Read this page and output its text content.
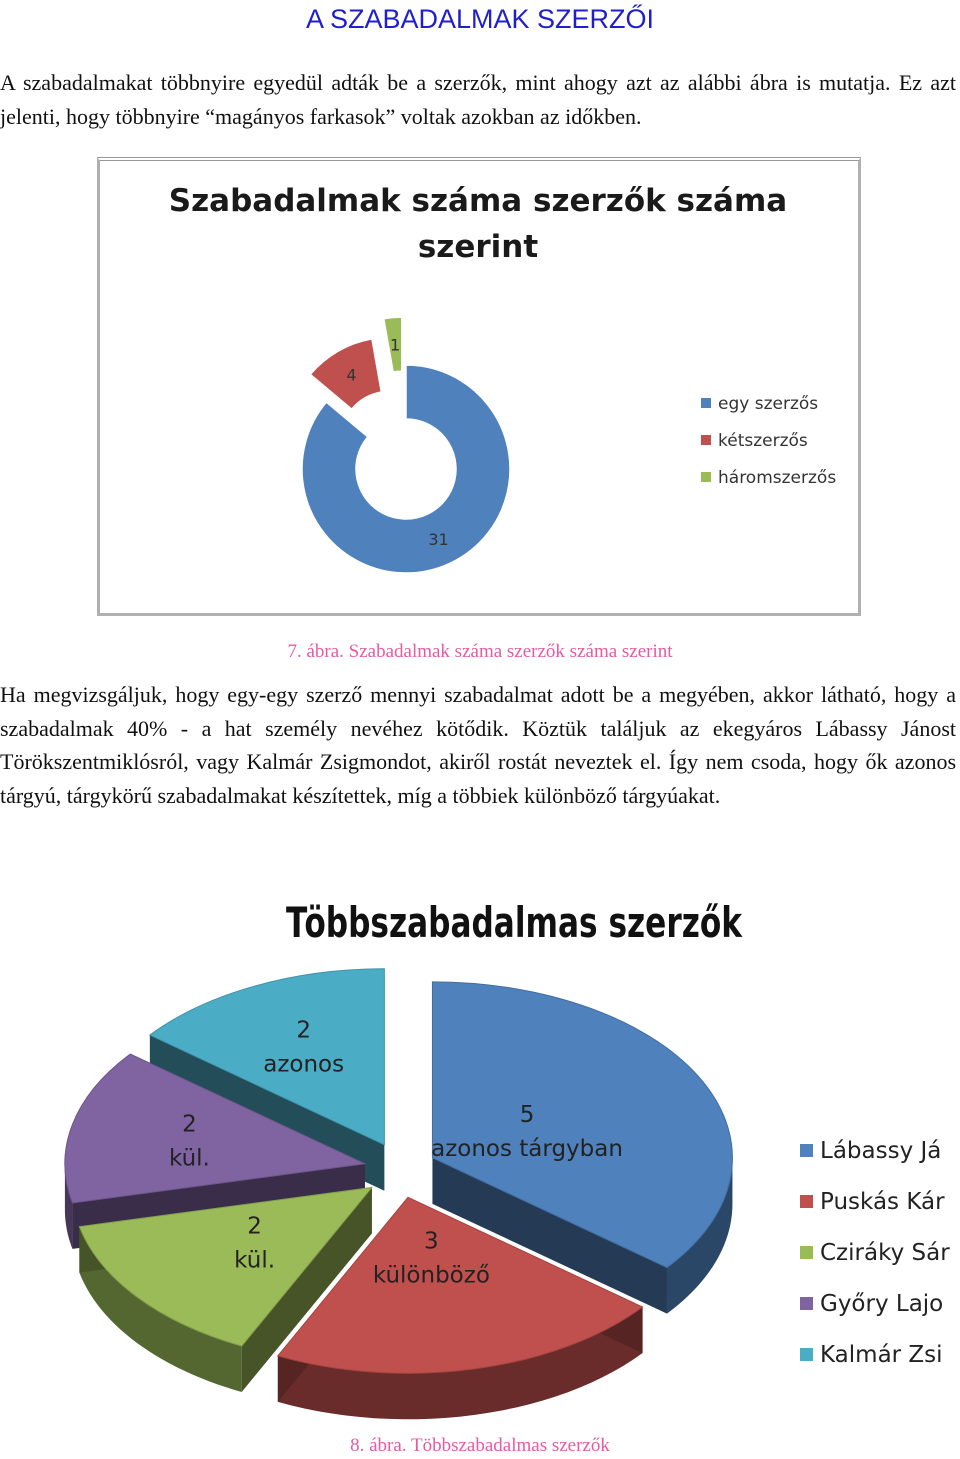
A SZABADALMAK SZERZŐI

A szabadalmakat többnyire egyedül adták be a szerzők, mint ahogy azt az alábbi ábra is mutatja. Ez azt jelenti, hogy többnyire “magányos farkasok” voltak azokban az időkben.

Szabadalmak száma szerzők száma
szerint
31
4
1
egy szerzős
kétszerzős
háromszerzős

7. ábra. Szabadalmak száma szerzők száma szerint

Ha megvizsgáljuk, hogy egy-egy szerző mennyi szabadalmat adott be a megyében, akkor látható, hogy a szabadalmak 40% - a hat személy nevéhez kötődik. Köztük találjuk az ekegyáros Lábassy Jánost Törökszentmiklósról, vagy Kalmár Zsigmondot, akiről rostát neveztek el. Így nem csoda, hogy ők azonos tárgyú, tárgykörű szabadalmakat készítettek, míg a többiek különböző tárgyúakat.

Többszabadalmas szerzők
5
azonos tárgyban
3
különböző
2
kül.
2
kül.
2
azonos
Lábassy Já
Puskás Kár
Cziráky Sár
Győry Lajo
Kalmár Zsi

8. ábra. Többszabadalmas szerzők
